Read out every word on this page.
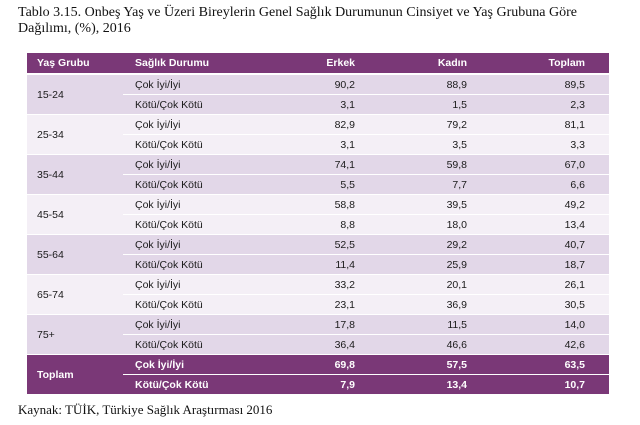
Tablo 3.15. Onbeş Yaş ve Üzeri Bireylerin Genel Sağlık Durumunun Cinsiyet ve Yaş Grubuna Göre
Dağılımı, (%), 2016
Yaş Grubu	Sağlık Durumu	Erkek	Kadın	Toplam
15-24	Çok İyi/İyi	90,2	88,9	89,5
	Kötü/Çok Kötü	3,1	1,5	2,3
25-34	Çok İyi/İyi	82,9	79,2	81,1
	Kötü/Çok Kötü	3,1	3,5	3,3
35-44	Çok İyi/İyi	74,1	59,8	67,0
	Kötü/Çok Kötü	5,5	7,7	6,6
45-54	Çok İyi/İyi	58,8	39,5	49,2
	Kötü/Çok Kötü	8,8	18,0	13,4
55-64	Çok İyi/İyi	52,5	29,2	40,7
	Kötü/Çok Kötü	11,4	25,9	18,7
65-74	Çok İyi/İyi	33,2	20,1	26,1
	Kötü/Çok Kötü	23,1	36,9	30,5
75+	Çok İyi/İyi	17,8	11,5	14,0
	Kötü/Çok Kötü	36,4	46,6	42,6
Toplam	Çok İyi/İyi	69,8	57,5	63,5
	Kötü/Çok Kötü	7,9	13,4	10,7
Kaynak: TÜİK, Türkiye Sağlık Araştırması 2016
